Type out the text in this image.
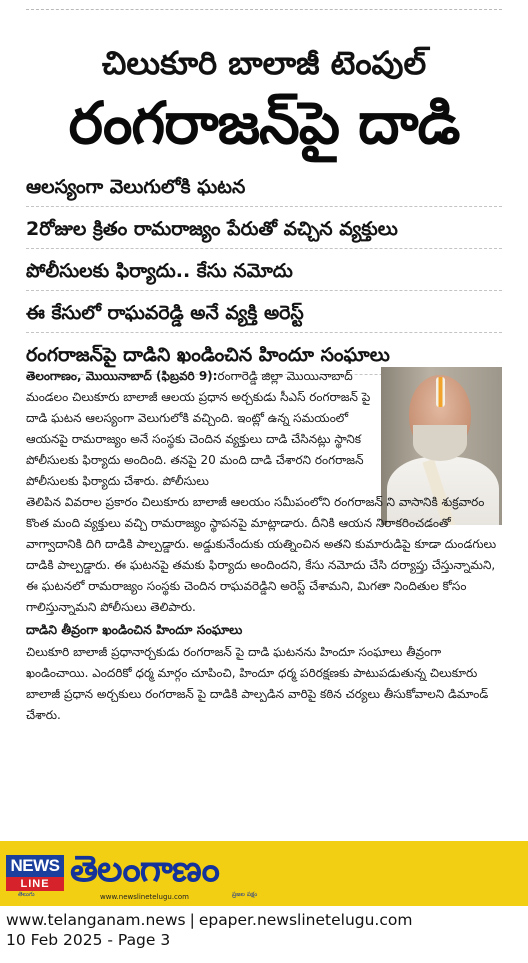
చిలుకూరి బాలాజీ టెంపుల్
రంగరాజన్‌పై దాడి
ఆలస్యంగా వెలుగులోకి ఘటన
2రోజుల క్రితం రామరాజ్యం పేరుతో వచ్చిన వ్యక్తులు
పోలీసులకు ఫిర్యాదు.. కేసు నమోదు
ఈ కేసులో రాఘవరెడ్డి అనే వ్యక్తి అరెస్ట్
రంగరాజన్‌పై దాడిని ఖండించిన హిందూ సంఘాలు

తెలంగాణం, మొయినాబాద్ (ఫిబ్రవరి 9):రంగారెడ్డి జిల్లా మొయినాబాద్ మండలం చిలుకూరు బాలాజీ ఆలయ ప్రధాన అర్చకుడు సీఎస్ రంగరాజన్ పై దాడి ఘటన ఆలస్యంగా వెలుగులోకి వచ్చింది. ఇంట్లో ఉన్న సమయంలో ఆయనపై రామరాజ్యం అనే సంస్థకు చెందిన వ్యక్తులు దాడి చేసినట్లు స్థానిక పోలీసులకు ఫిర్యాదు అందింది. తనపై 20 మంది దాడి చేశారని రంగరాజన్ పోలీసులకు ఫిర్యాదు చేశారు. పోలీసులు

తెలిపిన వివరాల ప్రకారం చిలుకూరు బాలాజీ ఆలయం సమీపంలోని రంగరాజన్ ని వాసానికి శుక్రవారం కొంత మంది వ్యక్తులు వచ్చి రామరాజ్యం స్థాపనపై మాట్లాడారు. దీనికి ఆయన నిరాకరించడంతో వాగ్వాదానికి దిగి దాడికి పాల్పడ్డారు. అడ్డుకునేందుకు యత్నించిన అతని కుమారుడిపై కూడా దుండగులు దాడికి పాల్పడ్డారు. ఈ ఘటనపై తమకు ఫిర్యాదు అందిందని, కేసు నమోదు చేసి దర్యాప్తు చేస్తున్నామని, ఈ ఘటనలో రామరాజ్యం సంస్థకు చెందిన రాఘవరెడ్డిని అరెస్ట్ చేశామని, మిగతా నిందితుల కోసం గాలిస్తున్నామని పోలీసులు తెలిపారు.

దాడిని తీవ్రంగా ఖండించిన హిందూ సంఘాలు

చిలుకూరి బాలాజీ ప్రధానార్చకుడు రంగరాజన్ పై దాడి ఘటనను హిందూ సంఘాలు తీవ్రంగా ఖండించాయి. ఎందరికో ధర్మ మార్గం చూపించి, హిందూ ధర్మ పరిరక్షణకు పాటుపడుతున్న చిలుకూరు బాలాజీ ప్రధాన అర్చకులు రంగరాజన్ పై దాడికి పాల్పడిన వారిపై కఠిన చర్యలు తీసుకోవాలని డిమాండ్ చేశారు.

NEWS
LINE
తెలుగు
తెలంగాణం
ప్రజల పక్షం
www.newslinetelugu.com
www.telanganam.news | epaper.newslinetelugu.com
10 Feb 2025 - Page 3
